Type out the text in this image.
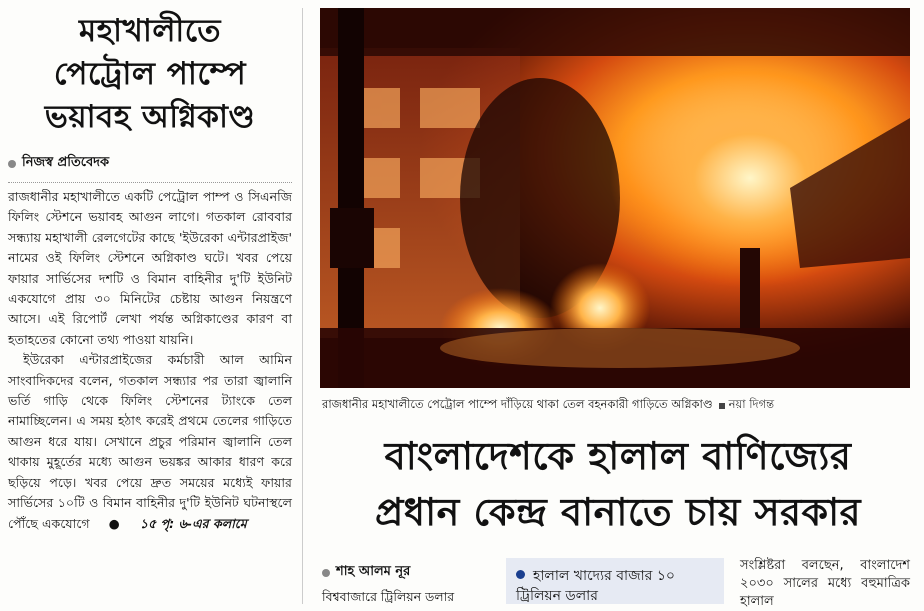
মহাখালীতে
পেট্রোল পাম্পে
ভয়াবহ অগ্নিকাণ্ড
নিজস্ব প্রতিবেদক

রাজধানীর মহাখালীতে একটি পেট্রোল পাম্প ও সিএনজি ফিলিং স্টেশনে ভয়াবহ আগুন লাগে। গতকাল রোববার সন্ধ্যায় মহাখালী রেলগেটের কাছে 'ইউরেকা এন্টারপ্রাইজ' নামের ওই ফিলিং স্টেশনে অগ্নিকাণ্ড ঘটে। খবর পেয়ে ফায়ার সার্ভিসের দশটি ও বিমান বাহিনীর দু'টি ইউনিট একযোগে প্রায় ৩০ মিনিটের চেষ্টায় আগুন নিয়ন্ত্রণে আসে। এই রিপোর্ট লেখা পর্যন্ত অগ্নিকাণ্ডের কারণ বা হতাহতের কোনো তথ্য পাওয়া যায়নি।

ইউরেকা এন্টারপ্রাইজের কর্মচারী আল আমিন সাংবাদিকদের বলেন, গতকাল সন্ধ্যার পর তারা জ্বালানি ভর্তি গাড়ি থেকে ফিলিং স্টেশনের ট্যাংকে তেল নামাচ্ছিলেন। এ সময় হঠাৎ করেই প্রথমে তেলের গাড়িতে আগুন ধরে যায়। সেখানে প্রচুর পরিমান জ্বালানি তেল থাকায় মুহূর্তের মধ্যে আগুন ভয়ঙ্কর আকার ধারণ করে ছড়িয়ে পড়ে। খবর পেয়ে দ্রুত সময়ের মধ্যেই ফায়ার সার্ভিসের ১০টি ও বিমান বাহিনীর দু'টি ইউনিট ঘটনাস্থলে পৌঁছে একযোগে	●	১৫ পৃ: ৬-এর কলামে

রাজধানীর মহাখালীতে পেট্রোল পাম্পে দাঁড়িয়ে থাকা তেল বহনকারী গাড়িতে অগ্নিকাণ্ড নয়া দিগন্ত
বাংলাদেশকে হালাল বাণিজ্যের
প্রধান কেন্দ্র বানাতে চায় সরকার
শাহ আলম নূর
বিশ্ববাজারে ট্রিলিয়ন ডলার
হালাল খাদ্যের বাজার ১০ ট্রিলিয়ন ডলার
সংশ্লিষ্টরা বলছেন, বাংলাদেশ ২০৩০ সালের মধ্যে বহুমাত্রিক হালাল
